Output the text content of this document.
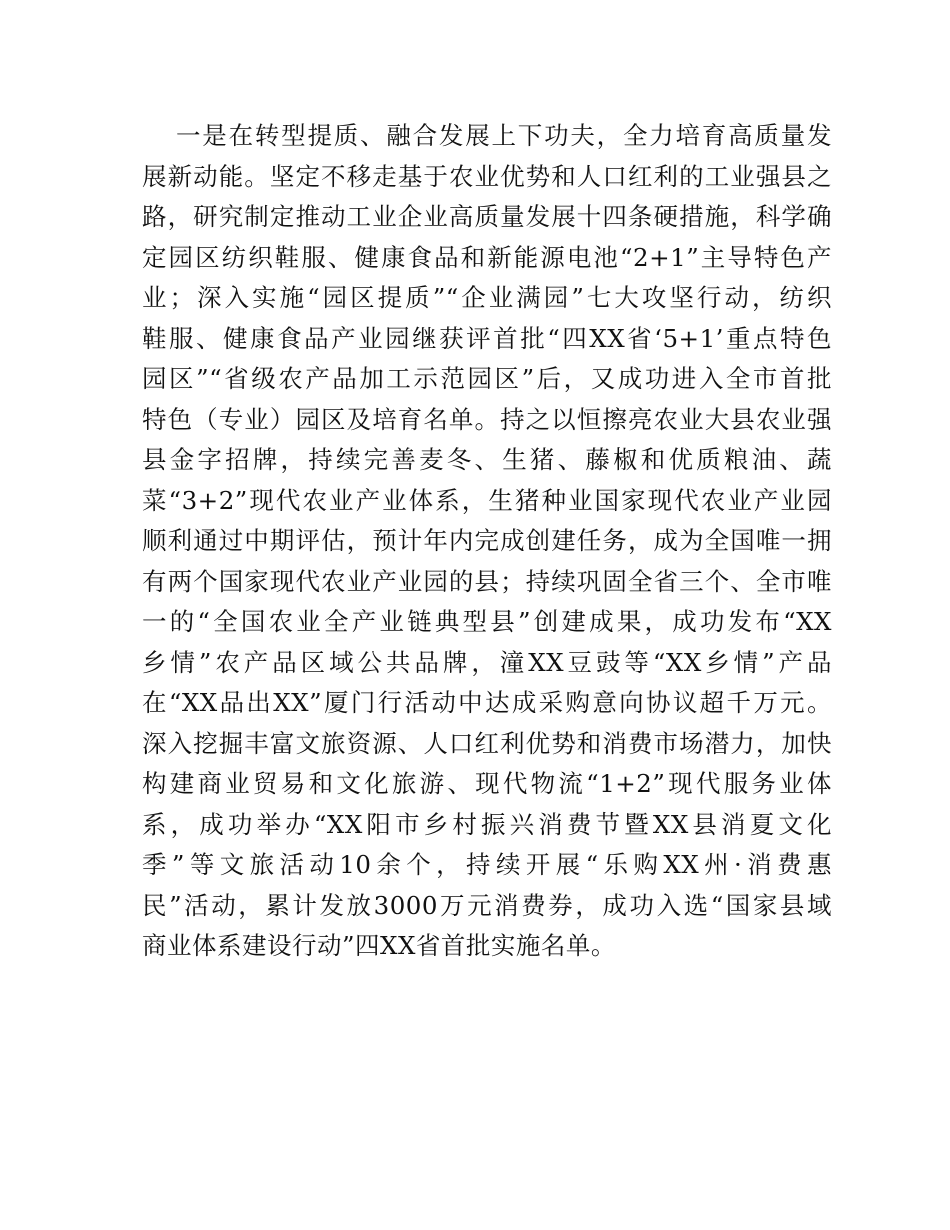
一是在转型提质、融合发展上下功夫，全力培育高质量发
展新动能。坚定不移走基于农业优势和人口红利的工业强县之
路，研究制定推动工业企业高质量发展十四条硬措施，科学确
定园区纺织鞋服、健康食品和新能源电池“2+1”主导特色产
业；深入实施“园区提质”“企业满园”七大攻坚行动，纺织
鞋服、健康食品产业园继获评首批“四XX省‘5+1’重点特色
园区”“省级农产品加工示范园区”后，又成功进入全市首批
特色（专业）园区及培育名单。持之以恒擦亮农业大县农业强
县金字招牌，持续完善麦冬、生猪、藤椒和优质粮油、蔬
菜“3+2”现代农业产业体系，生猪种业国家现代农业产业园
顺利通过中期评估，预计年内完成创建任务，成为全国唯一拥
有两个国家现代农业产业园的县；持续巩固全省三个、全市唯
一的“全国农业全产业链典型县”创建成果，成功发布“XX
乡情”农产品区域公共品牌，潼XX豆豉等“XX乡情”产品
在“XX品出XX”厦门行活动中达成采购意向协议超千万元。
深入挖掘丰富文旅资源、人口红利优势和消费市场潜力，加快
构建商业贸易和文化旅游、现代物流“1+2”现代服务业体
系，成功举办“XX阳市乡村振兴消费节暨XX县消夏文化
季”等文旅活动10余个，持续开展“乐购XX州·消费惠
民”活动，累计发放3000万元消费券，成功入选“国家县域
商业体系建设行动”四XX省首批实施名单。
